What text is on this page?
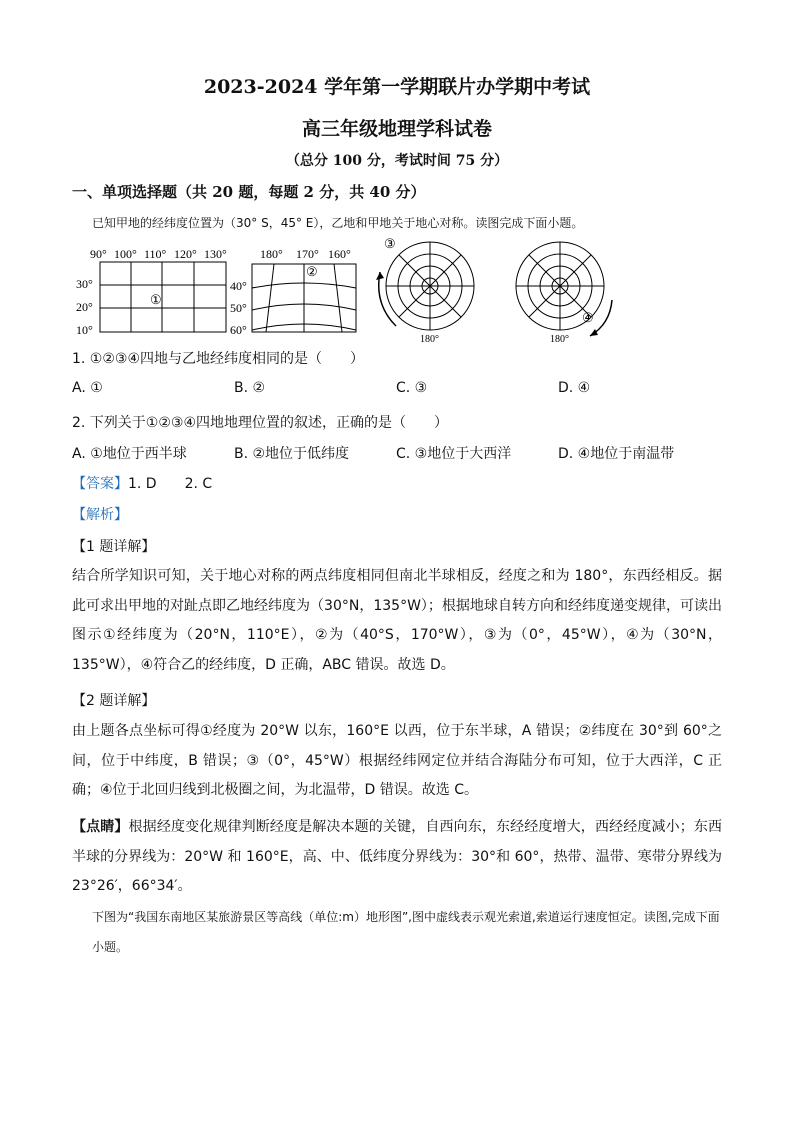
2023-2024 学年第一学期联片办学期中考试
高三年级地理学科试卷
（总分 100 分，考试时间 75 分）
一、单项选择题（共 20 题，每题 2 分，共 40 分）
已知甲地的经纬度位置为（30° S，45° E），乙地和甲地关于地心对称。读图完成下面小题。
90° 100° 110° 120° 130°
30°
20°
10°
①
180° 170° 160°
②
40°
50°
60°
③
180°
④
180°
1. ①②③④四地与乙地经纬度相同的是（　　）
A. ①	B. ②	C. ③	D. ④
2. 下列关于①②③④四地地理位置的叙述，正确的是（　　）
A. ①地位于西半球	B. ②地位于低纬度	C. ③地位于大西洋	D. ④地位于南温带
【答案】1. D　　2. C
【解析】
【1 题详解】
结合所学知识可知，关于地心对称的两点纬度相同但南北半球相反，经度之和为 180°，东西经相反。据此可求出甲地的对趾点即乙地经纬度为（30°N，135°W）；根据地球自转方向和经纬度递变规律，可读出图示①经纬度为（20°N，110°E），②为（40°S，170°W），③为（0°，45°W），④为（30°N，135°W），④符合乙的经纬度，D 正确，ABC 错误。故选 D。
【2 题详解】
由上题各点坐标可得①经度为 20°W 以东，160°E 以西，位于东半球，A 错误；②纬度在 30°到 60°之间，位于中纬度，B 错误；③（0°，45°W）根据经纬网定位并结合海陆分布可知，位于大西洋，C 正确；④位于北回归线到北极圈之间，为北温带，D 错误。故选 C。
【点睛】根据经度变化规律判断经度是解决本题的关键，自西向东，东经经度增大，西经经度减小；东西半球的分界线为：20°W 和 160°E，高、中、低纬度分界线为：30°和 60°，热带、温带、寒带分界线为 23°26′，66°34′。
下图为“我国东南地区某旅游景区等高线（单位:m）地形图”,图中虚线表示观光索道,索道运行速度恒定。读图,完成下面小题。
